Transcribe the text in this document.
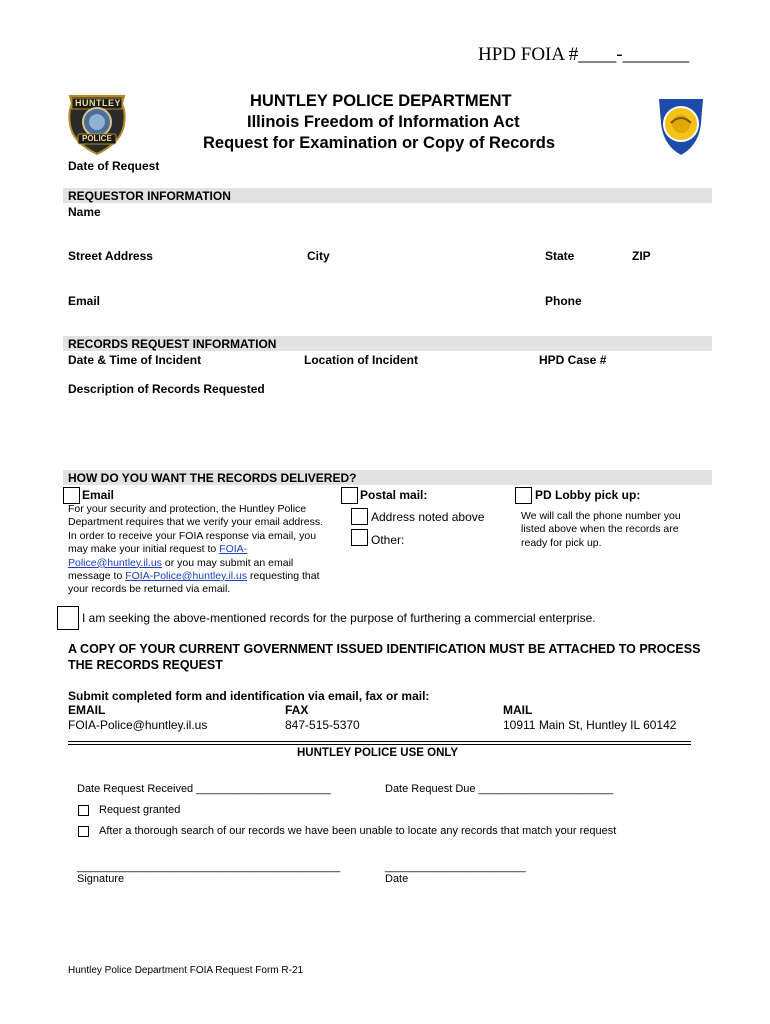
HPD FOIA #____-_______
HUNTLEY
POLICE
HUNTLEY POLICE DEPARTMENT
Illinois Freedom of Information Act
Request for Examination or Copy of Records
Date of Request
REQUESTOR INFORMATION
Name
Street Address	City	State	ZIP
Email	Phone
RECORDS REQUEST INFORMATION
Date & Time of Incident	Location of Incident	HPD Case #
Description of Records Requested
HOW DO YOU WANT THE RECORDS DELIVERED?
Email
For your security and protection, the Huntley Police Department requires that we verify your email address. In order to receive your FOIA response via email, you may make your initial request to FOIA-Police@huntley.il.us or you may submit an email message to FOIA-Police@huntley.il.us requesting that your records be returned via email.
Postal mail:
Address noted above
Other:
PD Lobby pick up:
We will call the phone number you listed above when the records are ready for pick up.
I am seeking the above-mentioned records for the purpose of furthering a commercial enterprise.
A COPY OF YOUR CURRENT GOVERNMENT ISSUED IDENTIFICATION MUST BE ATTACHED TO PROCESS THE RECORDS REQUEST
Submit completed form and identification via email, fax or mail:
EMAIL
FOIA-Police@huntley.il.us
FAX
847-515-5370
MAIL
10911 Main St, Huntley IL 60142
HUNTLEY POLICE USE ONLY
Date Request Received ______________________	Date Request Due ______________________
Request granted
After a thorough search of our records we have been unable to locate any records that match your request
___________________________________________
Signature
_______________________
Date
Huntley Police Department FOIA Request Form R-21
